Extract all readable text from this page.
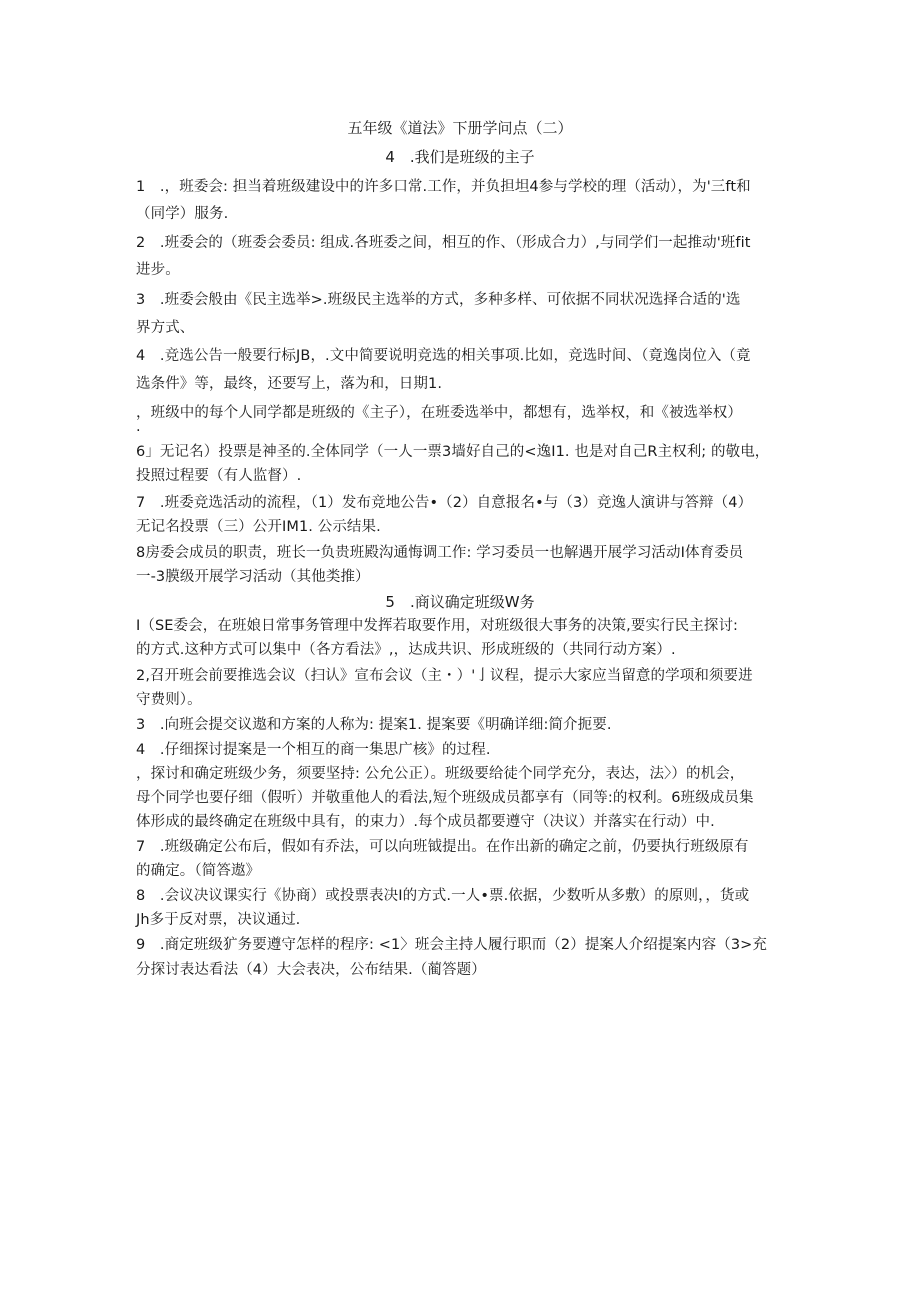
五年级《道法》下册学问点（二）
4　.我们是班级的主子
1　.，班委会: 担当着班级建设中的许多口常.工作，并负担坦4参与学校的理（活动），为'三ft和
（同学）服务.
2　.班委会的（班委会委员: 组成.各班委之间，相互的作、（形成合力）,与同学们一起推动'班fit
进步。
3　.班委会般由《民主选举>.班级民主选举的方式，多种多样、可依据不同状况选择合适的'选
界方式、
4　.竞选公告一般要行标JB，.文中简要说明竞选的相关事项.比如，竞选时间、（竟逸岗位入（竟
选条件》等，最终，还要写上，落为和，日期1.
，班级中的每个人同学都是班级的《主子），在班委选举中，都想有，选举权，和《被选举权）
.
6」无记名）投票是神圣的.全体同学（一人一票3墙好自己的<逸I1. 也是对自己R主权利; 的敬电，
投照过程要（有人监督）.
7　.班委竞选活动的流程，（1）发布竞地公告•（2）自意报名•与（3）竞逸人演讲与答辩（4）
无记名投票（三）公开IM1. 公示结果.
8房委会成员的职责，班长一负贵班殿沟通悔调工作: 学习委员一也解遇开展学习活动I体育委员
一-3膜级开展学习活动（其他类推）
5　.商议确定班级W务
I（SE委会，在班娘日常事务管理中发挥若取要作用，对班级很大事务的决策,要实行民主探讨:
的方式.这种方式可以集中（各方看法》,，达成共识、形成班级的（共同行动方案）.
2,召开班会前要推选会议（扫认》宣布会议（主・）'亅议程，提示大家应当留意的学项和须要进
守费则）。
3　.向班会提交议遨和方案的人称为: 提案1. 提案要《明确详细:简介扼要.
4　.仔细探讨提案是一个相互的商一集思广核》的过程.
，探讨和确定班级少务，须要坚持: 公允公正）。班级要给徒个同学充分，表达，法〉）的机会，
母个同学也要仔细（假听）并敬重他人的看法,短个班级成员都享有（同等:的权利。6班级成员集
体形成的最终确定在班级中具有，的束力）.每个成员都要遵守（决议）并落实在行动）中.
7　.班级确定公布后，假如有乔法，可以向班钺提出。在作出新的确定之前，仍要执行班级原有
的确定。（简答遨》
8　.会议决议课实行《协商）或投票表决I的方式.一人•票.依据，少数听从多敷）的原则，，货或
Jh多于反对票，决议通过.
9　.商定班级犷务要遵守怎样的程序: <1〉班会主持人履行职而（2）提案人介绍提案内容（3>充
分探讨表达看法（4）大会表决，公布结果.（蔺答题）
